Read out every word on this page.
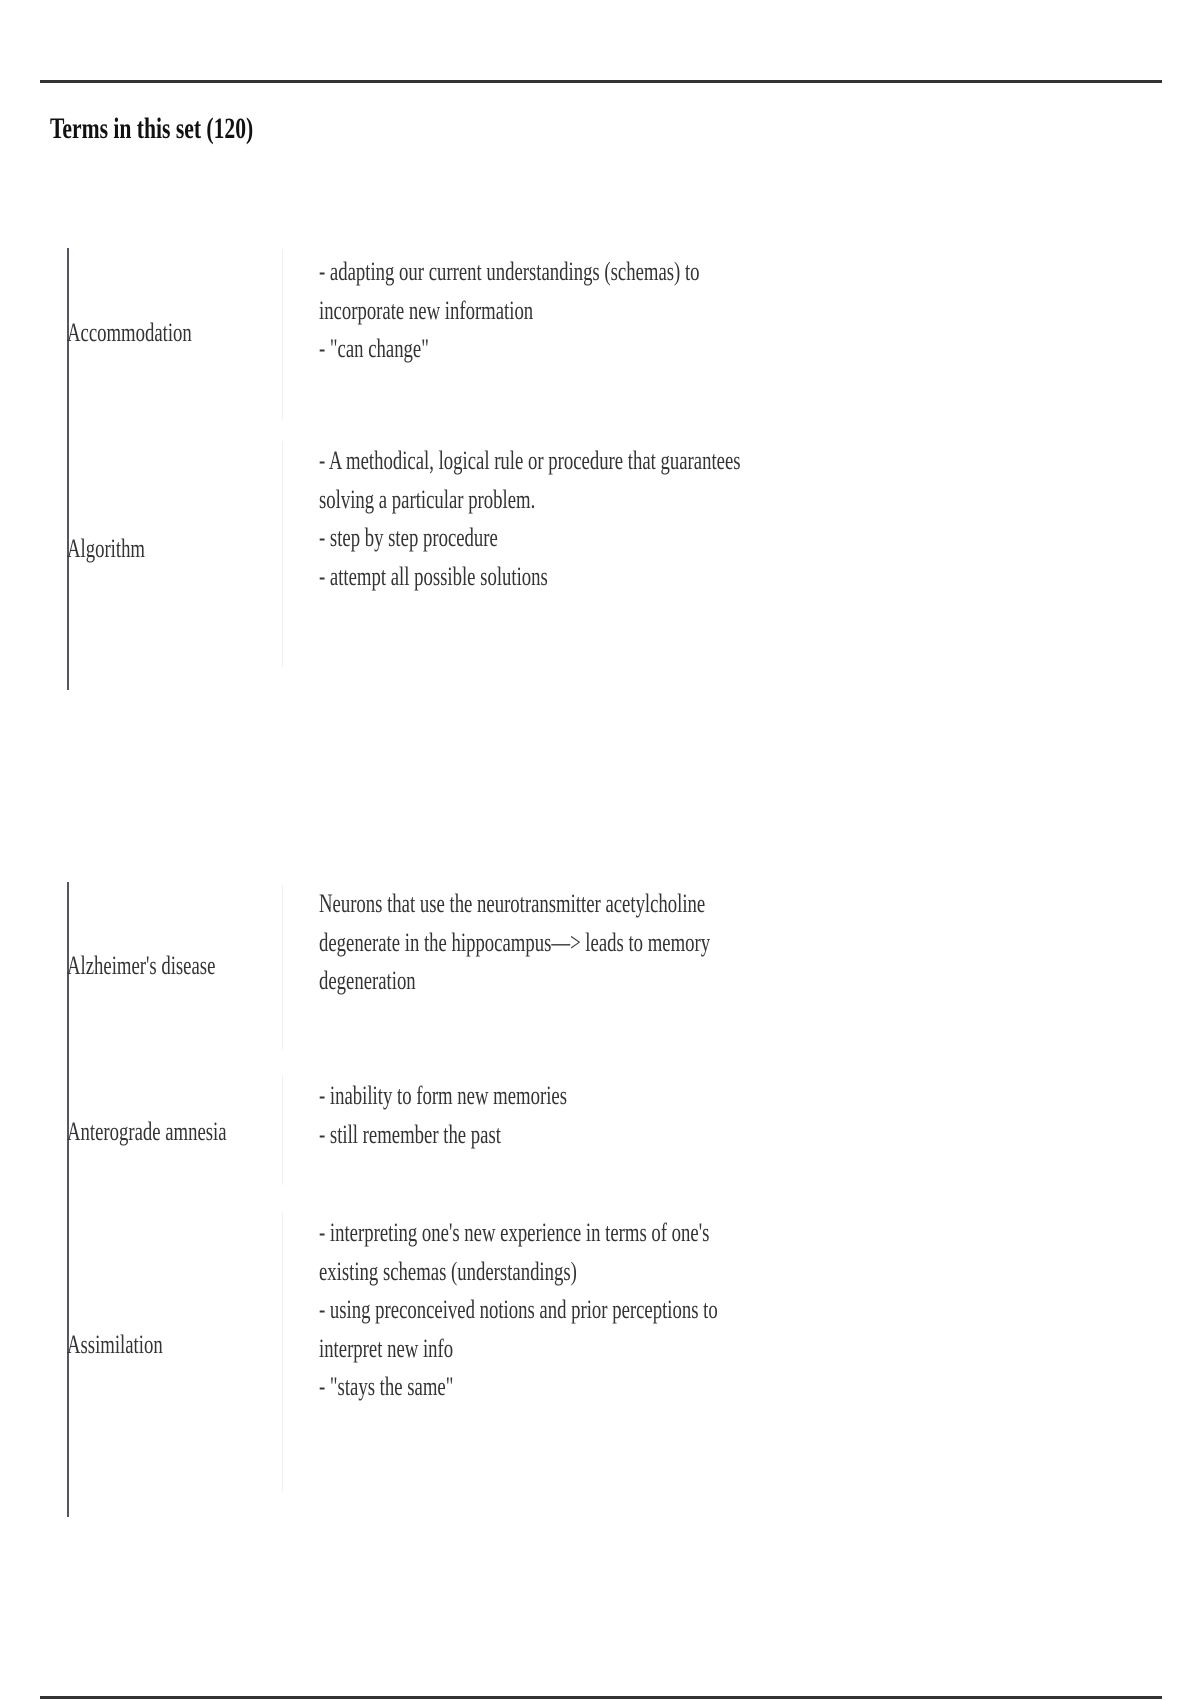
Terms in this set (120)
Accommodation
- adapting our current understandings (schemas) to
incorporate new information
- "can change"
Algorithm
- A methodical, logical rule or procedure that guarantees
solving a particular problem.
- step by step procedure
- attempt all possible solutions
Alzheimer's disease
Neurons that use the neurotransmitter acetylcholine
degenerate in the hippocampus—> leads to memory
degeneration
Anterograde amnesia
- inability to form new memories
- still remember the past
Assimilation
- interpreting one's new experience in terms of one's
existing schemas (understandings)
- using preconceived notions and prior perceptions to
interpret new info
- "stays the same"
